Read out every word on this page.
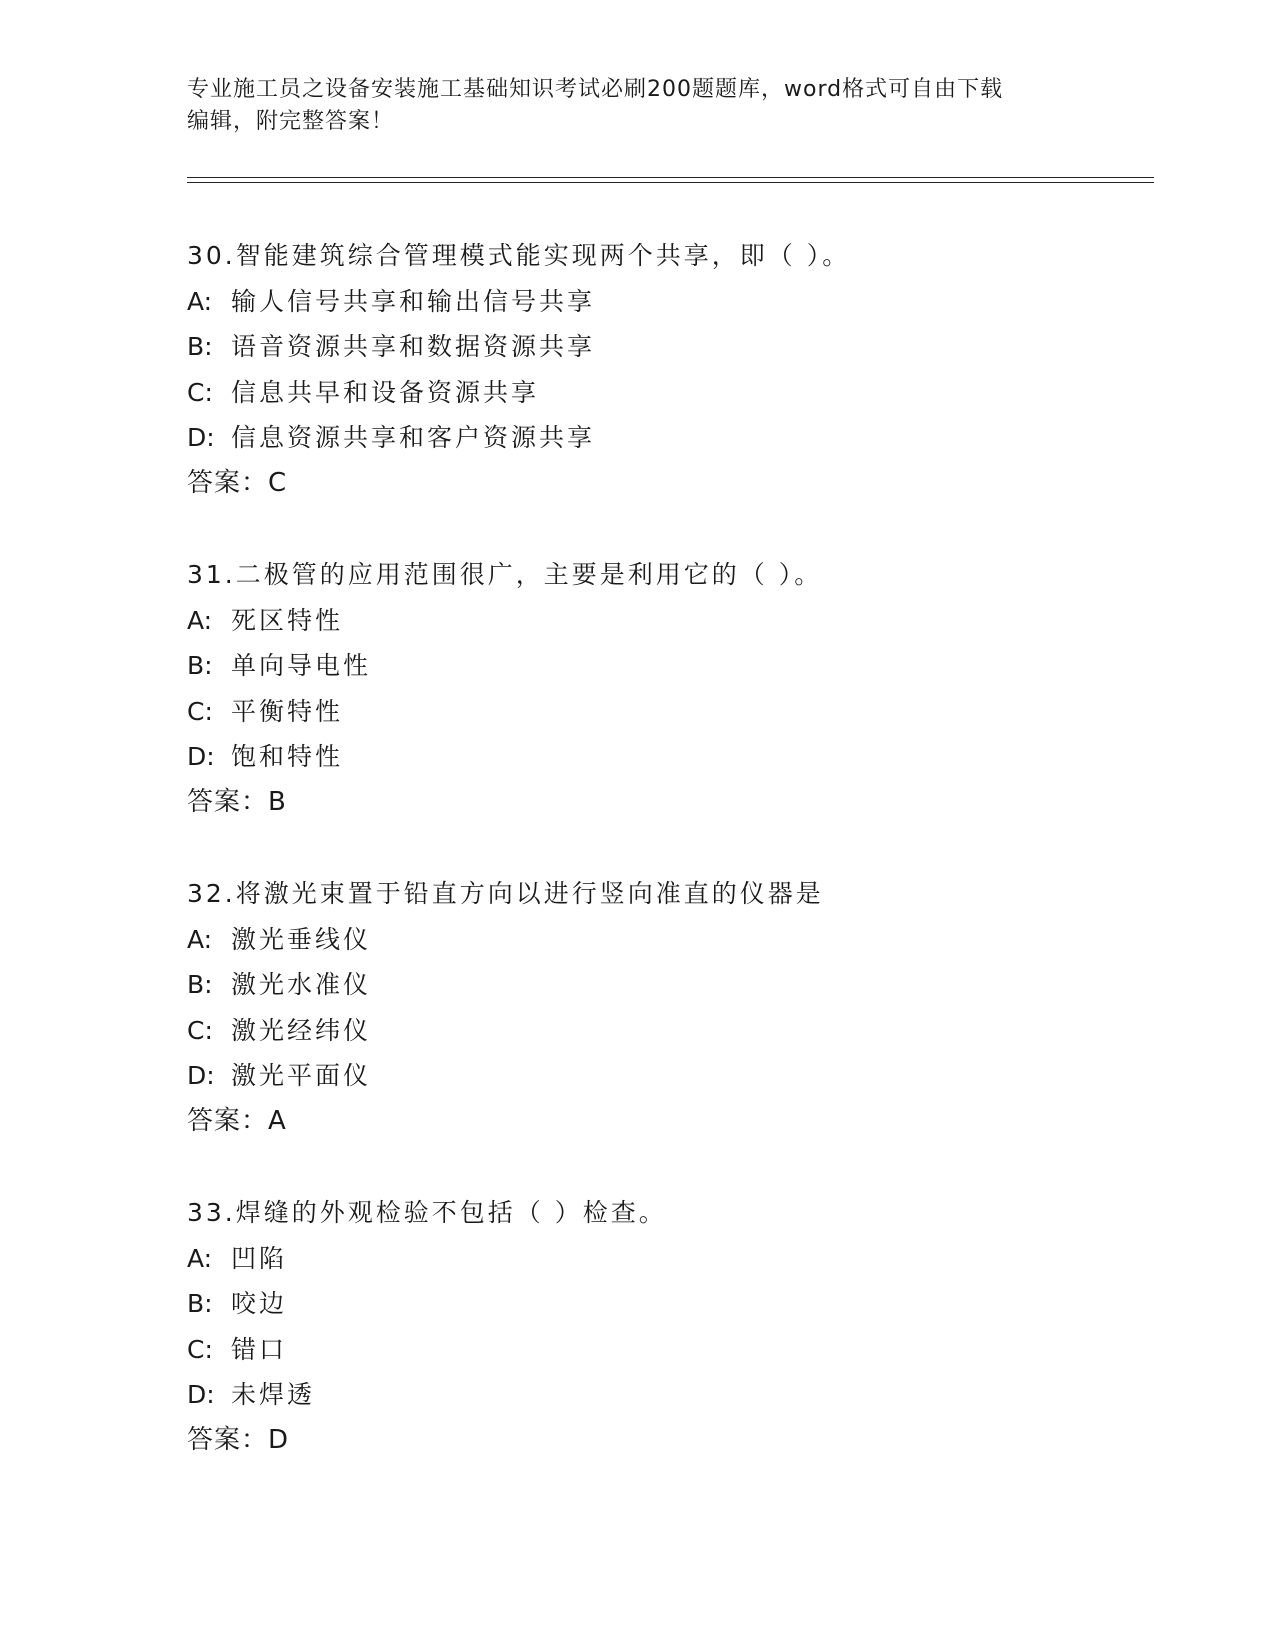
专业施工员之设备安装施工基础知识考试必刷200题题库，word格式可自由下载
编辑，附完整答案！
30.智能建筑综合管理模式能实现两个共享，即（ ）。
A: 输人信号共享和输出信号共享
B: 语音资源共享和数据资源共享
C: 信息共早和设备资源共享
D: 信息资源共享和客户资源共享
答案：C
31.二极管的应用范围很广，主要是利用它的（ ）。
A: 死区特性
B: 单向导电性
C: 平衡特性
D: 饱和特性
答案：B
32.将激光束置于铅直方向以进行竖向准直的仪器是
A: 激光垂线仪
B: 激光水准仪
C: 激光经纬仪
D: 激光平面仪
答案：A
33.焊缝的外观检验不包括（ ）检查。
A: 凹陷
B: 咬边
C: 错口
D: 未焊透
答案：D
